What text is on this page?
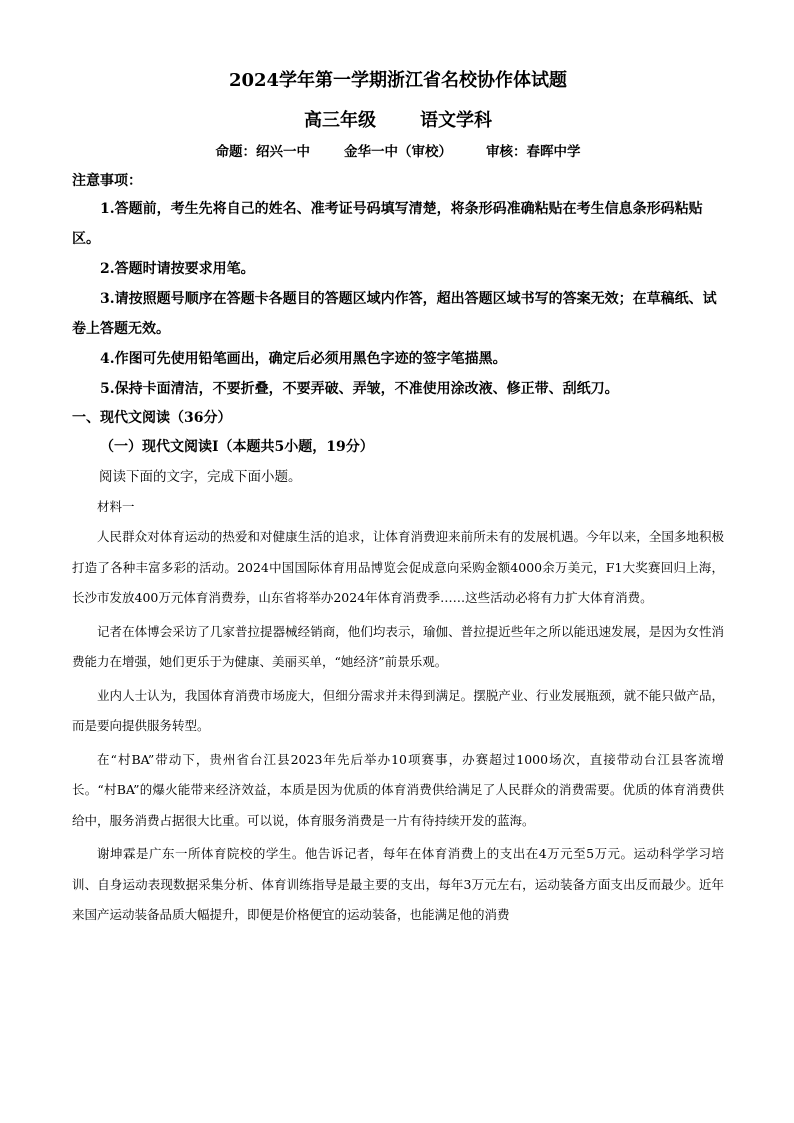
2024学年第一学期浙江省名校协作体试题
高三年级 语文学科
命题：绍兴一中	金华一中（审校）	审核：春晖中学
注意事项：

1.答题前，考生先将自己的姓名、准考证号码填写清楚，将条形码准确粘贴在考生信息条形码粘贴区。

2.答题时请按要求用笔。

3.请按照题号顺序在答题卡各题目的答题区域内作答，超出答题区域书写的答案无效；在草稿纸、试卷上答题无效。

4.作图可先使用铅笔画出，确定后必须用黑色字迹的签字笔描黑。

5.保持卡面清洁，不要折叠，不要弄破、弄皱，不准使用涂改液、修正带、刮纸刀。

一、现代文阅读（36分）

（一）现代文阅读Ⅰ（本题共5小题，19分）

阅读下面的文字，完成下面小题。

材料一

人民群众对体育运动的热爱和对健康生活的追求，让体育消费迎来前所未有的发展机遇。今年以来，全国多地积极打造了各种丰富多彩的活动。2024中国国际体育用品博览会促成意向采购金额4000余万美元，F1大奖赛回归上海，长沙市发放400万元体育消费券，山东省将举办2024年体育消费季……这些活动必将有力扩大体育消费。

记者在体博会采访了几家普拉提器械经销商，他们均表示，瑜伽、普拉提近些年之所以能迅速发展，是因为女性消费能力在增强，她们更乐于为健康、美丽买单，“她经济”前景乐观。

业内人士认为，我国体育消费市场庞大，但细分需求并未得到满足。摆脱产业、行业发展瓶颈，就不能只做产品，而是要向提供服务转型。

在“村BA”带动下，贵州省台江县2023年先后举办10项赛事，办赛超过1000场次，直接带动台江县客流增长。“村BA”的爆火能带来经济效益，本质是因为优质的体育消费供给满足了人民群众的消费需要。优质的体育消费供给中，服务消费占据很大比重。可以说，体育服务消费是一片有待持续开发的蓝海。

谢坤霖是广东一所体育院校的学生。他告诉记者，每年在体育消费上的支出在4万元至5万元。运动科学学习培训、自身运动表现数据采集分析、体育训练指导是最主要的支出，每年3万元左右，运动装备方面支出反而最少。近年来国产运动装备品质大幅提升，即便是价格便宜的运动装备，也能满足他的消费
